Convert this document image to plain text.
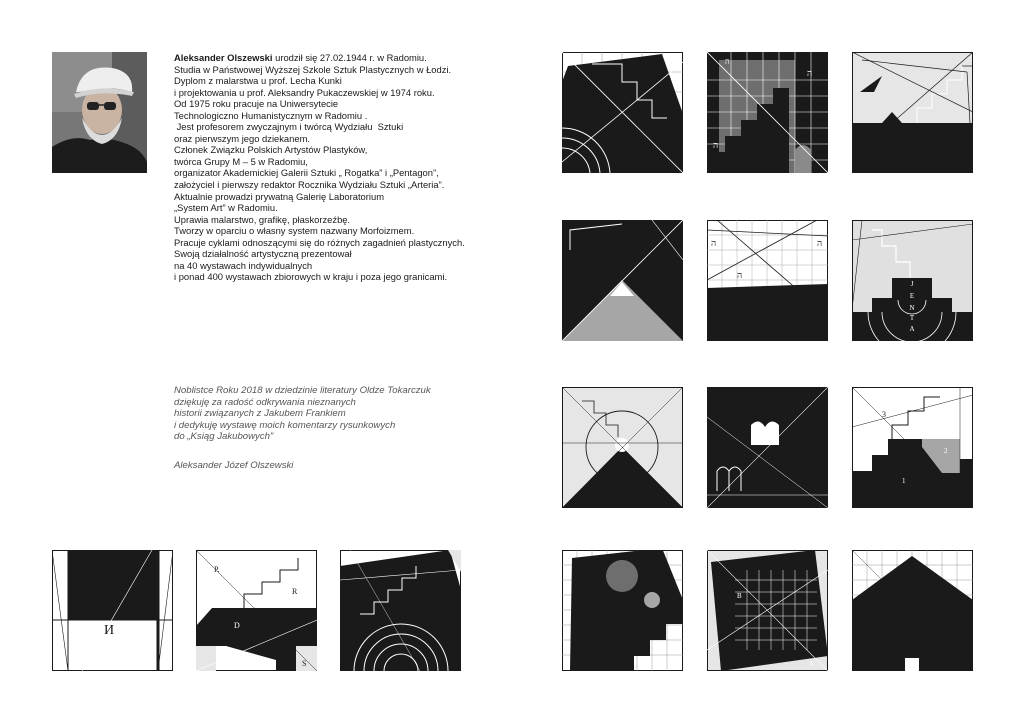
Aleksander Olszewski urodził się 27.02.1944 r. w Radomiu.
Studia w Państwowej Wyższej Szkole Sztuk Plastycznych w Łodzi.
Dyplom z malarstwa u prof. Lecha Kunki
i projektowania u prof. Aleksandry Pukaczewskiej w 1974 roku.
Od 1975 roku pracuje na Uniwersytecie
Technologiczno Humanistycznym w Radomiu .
Jest profesorem zwyczajnym i twórcą Wydziału  Sztuki
oraz pierwszym jego dziekanem.
Członek Związku Polskich Artystów Plastyków,
twórca Grupy M – 5 w Radomiu,
organizator Akademickiej Galerii Sztuki „ Rogatka” i „Pentagon”,
założyciel i pierwszy redaktor Rocznika Wydziału Sztuki „Arteria”.
Aktualnie prowadzi prywatną Galerię Laboratorium
„System Art” w Radomiu.
Uprawia malarstwo, grafikę, płaskorzeźbę.
Tworzy w oparciu o własny system nazwany Morfoizmem.
Pracuje cyklami odnoszącymi się do różnych zagadnień plastycznych.
Swoją działalność artystyczną prezentował
na 40 wystawach indywidualnych
i ponad 400 wystawach zbiorowych w kraju i poza jego granicami.
Noblistce Roku 2018 w dziedzinie literatury Oldze Tokarczuk
dziękuję za radość odkrywania nieznanych
historii związanych z Jakubem Frankiem
i dedykuję wystawę moich komentarzy rysunkowych
do „Ksiąg Jakubowych”
Aleksander Józef Olszewski
ה
ה
ה
ה	ה
ה
J
E
N
T
A
3
2
1
B
A
И
P.
R
D
S
